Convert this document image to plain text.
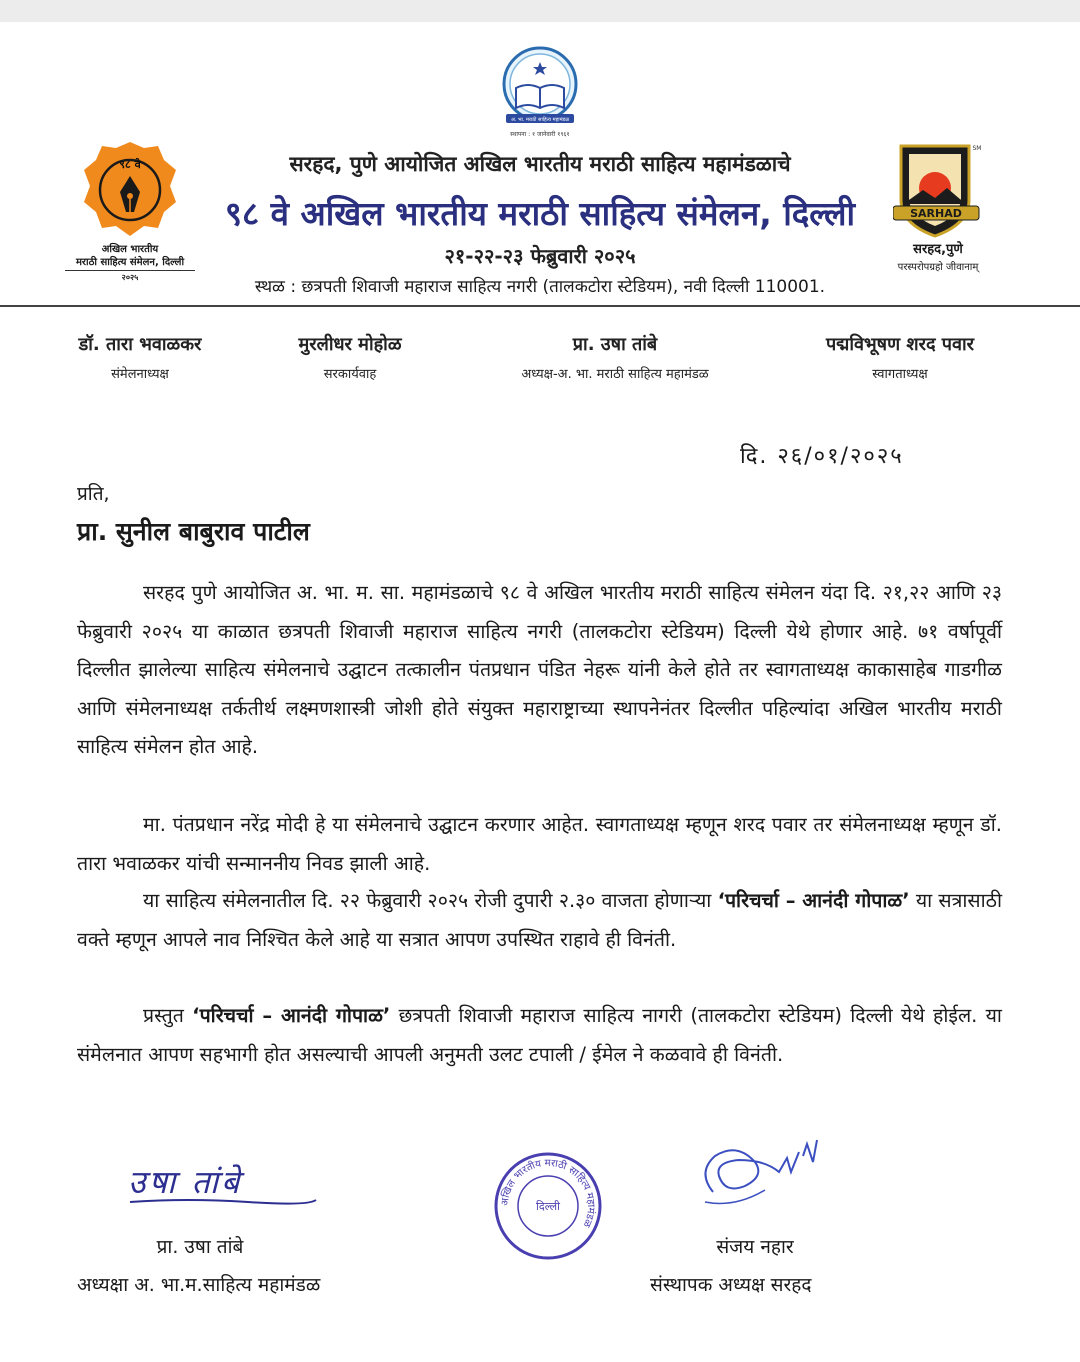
अ. भा. मराठी साहित्य महामंडळ
स्थापना : १ जानेवारी १९६१
९८ वे
अखिल भारतीय
मराठी साहित्य संमेलन, दिल्ली
२०२५
SARHAD
SM
सरहद,पुणे
परस्परोपग्रहो जीवानाम्
सरहद, पुणे आयोजित अखिल भारतीय मराठी साहित्य महामंडळाचे
९८ वे अखिल भारतीय मराठी साहित्य संमेलन, दिल्ली
२१-२२-२३ फेब्रुवारी २०२५
स्थळ : छत्रपती शिवाजी महाराज साहित्य नगरी (तालकटोरा स्टेडियम), नवी दिल्ली 110001.
डॉ. तारा भवाळकर
संमेलनाध्यक्ष
मुरलीधर मोहोळ
सरकार्यवाह
प्रा. उषा तांबे
अध्यक्ष-अ. भा. मराठी साहित्य महामंडळ
पद्मविभूषण शरद पवार
स्वागताध्यक्ष
दि. २६/०१/२०२५
प्रति,
प्रा. सुनील बाबुराव पाटील
सरहद पुणे आयोजित अ. भा. म. सा. महामंडळाचे ९८ वे अखिल भारतीय मराठी साहित्य संमेलन यंदा दि. २१,२२ आणि २३ फेब्रुवारी २०२५ या काळात छत्रपती शिवाजी महाराज साहित्य नगरी (तालकटोरा स्टेडियम) दिल्ली येथे होणार आहे. ७१ वर्षापूर्वी दिल्लीत झालेल्या साहित्य संमेलनाचे उद्घाटन तत्कालीन पंतप्रधान पंडित नेहरू यांनी केले होते तर स्वागताध्यक्ष काकासाहेब गाडगीळ आणि संमेलनाध्यक्ष तर्कतीर्थ लक्ष्मणशास्त्री जोशी होते संयुक्त महाराष्ट्राच्या स्थापनेनंतर दिल्लीत पहिल्यांदा अखिल भारतीय मराठी साहित्य संमेलन होत आहे.
मा. पंतप्रधान नरेंद्र मोदी हे या संमेलनाचे उद्घाटन करणार आहेत. स्वागताध्यक्ष म्हणून शरद पवार तर संमेलनाध्यक्ष म्हणून डॉ. तारा भवाळकर यांची सन्माननीय निवड झाली आहे.
या साहित्य संमेलनातील दि. २२ फेब्रुवारी २०२५ रोजी दुपारी २.३० वाजता होणाऱ्या ‘परिचर्चा – आनंदी गोपाळ’ या सत्रासाठी वक्ते म्हणून आपले नाव निश्चित केले आहे या सत्रात आपण उपस्थित राहावे ही विनंती.
प्रस्तुत ‘परिचर्चा – आनंदी गोपाळ’ छत्रपती शिवाजी महाराज साहित्य नागरी (तालकटोरा स्टेडियम) दिल्ली येथे होईल. या संमेलनात आपण सहभागी होत असल्याची आपली अनुमती उलट टपाली / ईमेल ने कळवावे ही विनंती.
उषा तांबे
अखिल भारतीय मराठी साहित्य महामंडळ
दिल्ली
प्रा. उषा तांबे
अध्यक्षा अ. भा.म.साहित्य महामंडळ
संजय नहार
संस्थापक अध्यक्ष सरहद
